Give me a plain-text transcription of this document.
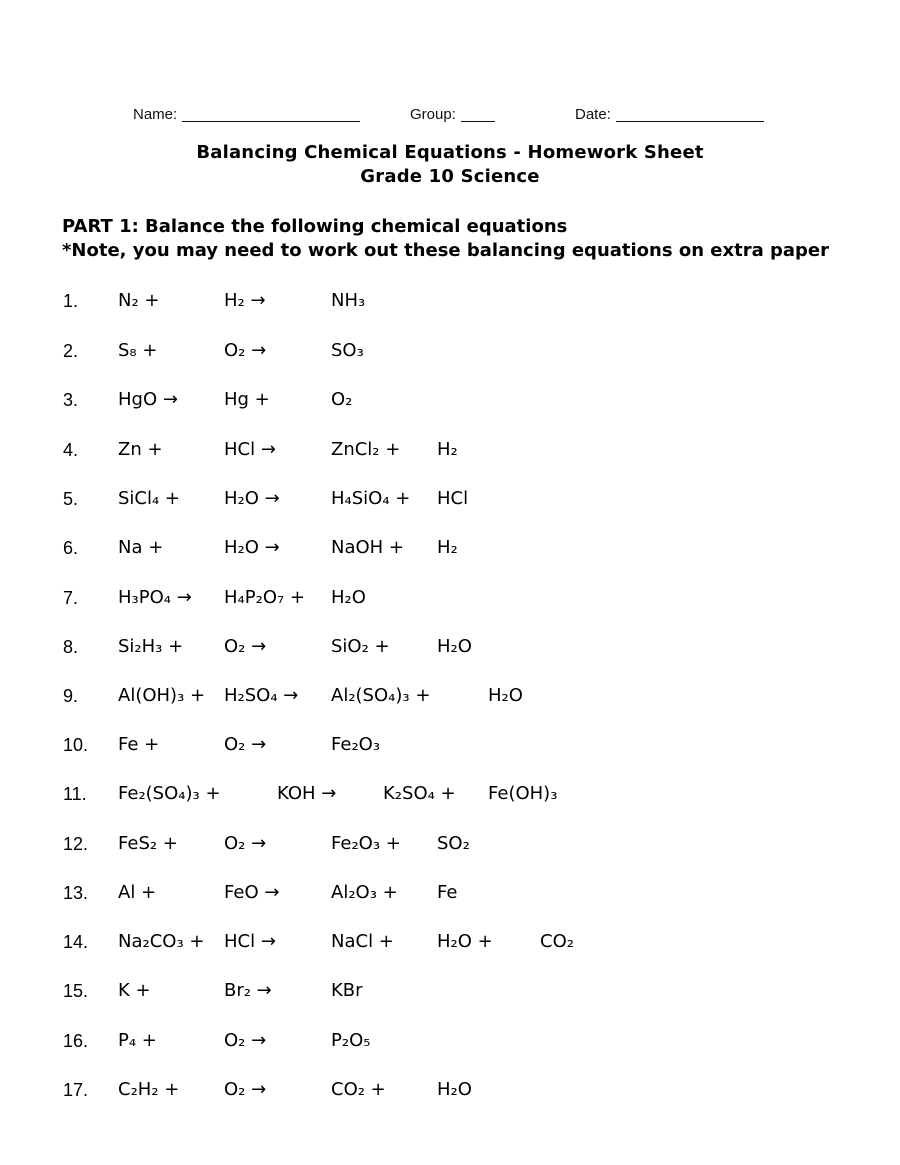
Name:	Group:	Date:
Balancing Chemical Equations - Homework Sheet
Grade 10 Science
PART 1: Balance the following chemical equations
*Note, you may need to work out these balancing equations on extra paper
1. N₂ +	H₂ →	NH₃
2. S₈ +	O₂ →	SO₃
3. HgO →	Hg +	O₂
4. Zn +	HCl →	ZnCl₂ + H₂
5. SiCl₄ + H₂O →	H₄SiO₄ + HCl
6. Na +	H₂O →	NaOH + H₂
7. H₃PO₄ → H₄P₂O₇ + H₂O
8. Si₂H₃ + O₂ →	SiO₂ +	H₂O
9. Al(OH)₃ + H₂SO₄ → Al₂(SO₄)₃ +	H₂O
10. Fe +	O₂ →	Fe₂O₃
11. Fe₂(SO₄)₃ +	KOH →	K₂SO₄ + Fe(OH)₃
12. FeS₂ +	O₂ →	Fe₂O₃ + SO₂
13. Al +	FeO →	Al₂O₃ + Fe
14. Na₂CO₃ + HCl →	NaCl + H₂O +	CO₂
15. K +	Br₂ →	KBr
16. P₄ +	O₂ →	P₂O₅
17. C₂H₂ + O₂ →	CO₂ +	H₂O
